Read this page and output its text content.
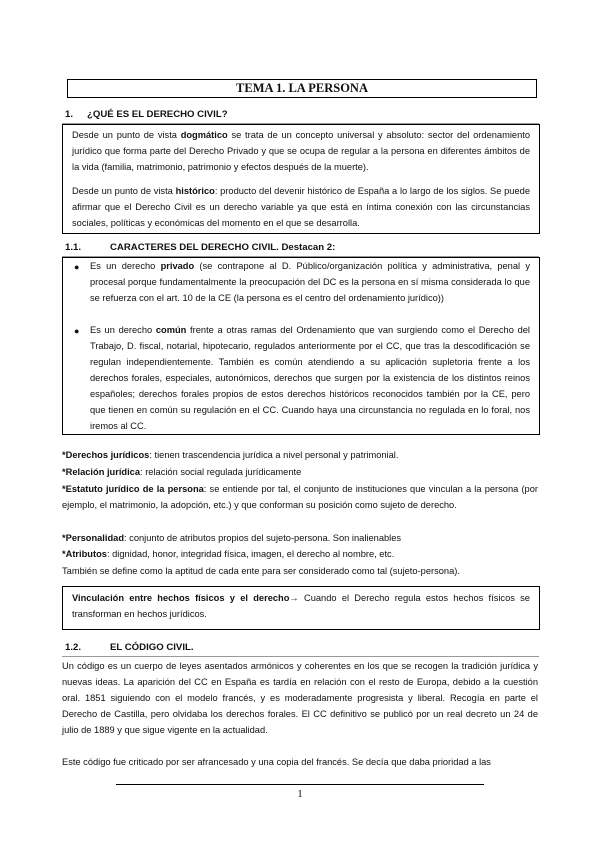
TEMA 1. LA PERSONA
1. ¿QUÉ ES EL DERECHO CIVIL?

Desde un punto de vista dogmático se trata de un concepto universal y absoluto: sector del ordenamiento jurídico que forma parte del Derecho Privado y que se ocupa de regular a la persona en diferentes ámbitos de la vida (familia, matrimonio, patrimonio y efectos después de la muerte).

Desde un punto de vista histórico: producto del devenir histórico de España a lo largo de los siglos. Se puede afirmar que el Derecho Civil es un derecho variable ya que está en íntima conexión con las circunstancias sociales, políticas y económicas del momento en el que se desarrolla.

1.1.	CARACTERES DEL DERECHO CIVIL. Destacan 2:
● Es un derecho privado (se contrapone al D. Público/organización política y administrativa, penal y procesal porque fundamentalmente la preocupación del DC es la persona en sí misma considerada lo que se refuerza con el art. 10 de la CE (la persona es el centro del ordenamiento jurídico))

● Es un derecho común frente a otras ramas del Ordenamiento que van surgiendo como el Derecho del Trabajo, D. fiscal, notarial, hipotecario, regulados anteriormente por el CC, que tras la descodificación se regulan independientemente. También es común atendiendo a su aplicación supletoria frente a los derechos forales, especiales, autonómicos, derechos que surgen por la existencia de los distintos reinos españoles; derechos forales propios de estos derechos históricos reconocidos también por la CE, pero que tienen en común su regulación en el CC. Cuando haya una circunstancia no regulada en lo foral, nos iremos al CC.

*Derechos jurídicos: tienen trascendencia jurídica a nivel personal y patrimonial.

*Relación jurídica: relación social regulada jurídicamente

*Estatuto jurídico de la persona: se entiende por tal, el conjunto de instituciones que vinculan a la persona (por ejemplo, el matrimonio, la adopción, etc.) y que conforman su posición como sujeto de derecho.

*Personalidad: conjunto de atributos propios del sujeto-persona. Son inalienables

*Atributos: dignidad, honor, integridad física, imagen, el derecho al nombre, etc.

También se define como la aptitud de cada ente para ser considerado como tal (sujeto-persona).

Vinculación entre hechos físicos y el derecho→ Cuando el Derecho regula estos hechos físicos se transforman en hechos jurídicos.

1.2.	EL CÓDIGO CIVIL.

Un código es un cuerpo de leyes asentados armónicos y coherentes en los que se recogen la tradición jurídica y nuevas ideas. La aparición del CC en España es tardía en relación con el resto de Europa, debido a la cuestión oral. 1851 siguiendo con el modelo francés, y es moderadamente progresista y liberal. Recogía en parte el Derecho de Castilla, pero olvidaba los derechos forales. El CC definitivo se publicó por un real decreto un 24 de julio de 1889 y que sigue vigente en la actualidad.

Este código fue criticado por ser afrancesado y una copia del francés. Se decía que daba prioridad a las

1
